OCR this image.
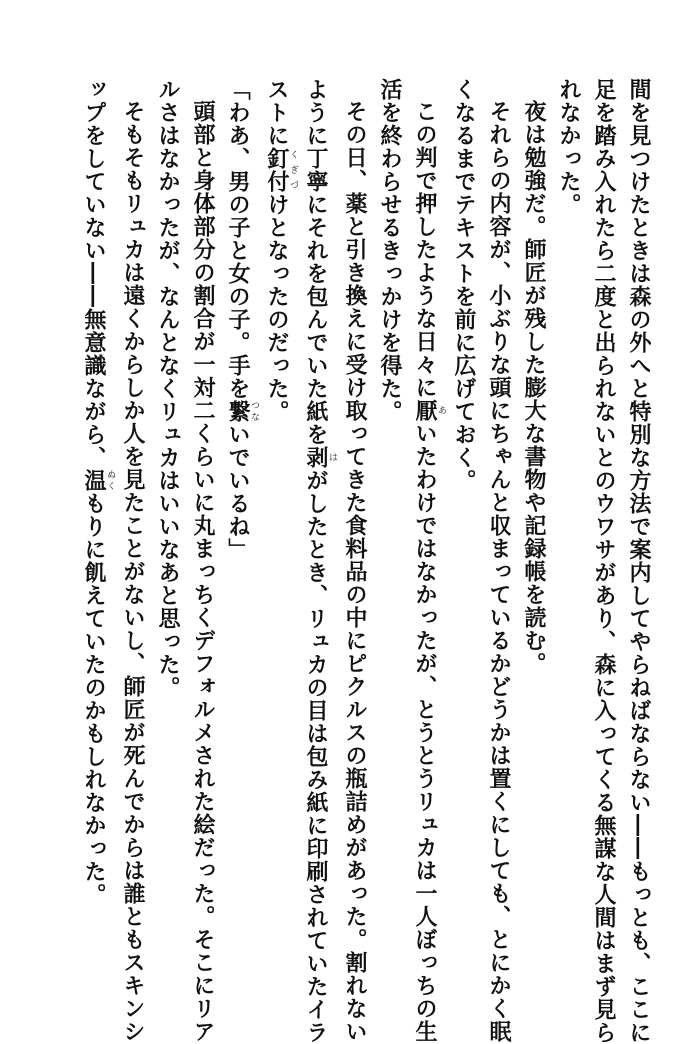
間を見つけたときは森の外へと特別な方法で案内してやらねばならない――もっとも、ここに

足を踏み入れたら二度と出られないとのウワサがあり、森に入ってくる無謀な人間はまず見ら

れなかった。

夜は勉強だ。師匠が残した膨大な書物や記録帳を読む。

それらの内容が、小ぶりな頭にちゃんと収まっているかどうかは置くにしても、とにかく眠

くなるまでテキストを前に広げておく。

この判で押したような日々に厭あいたわけではなかったが、とうとうリュカは一人ぼっちの生

活を終わらせるきっかけを得た。

その日、薬と引き換えに受け取ってきた食料品の中にピクルスの瓶詰めがあった。割れない

ように丁寧にそれを包んでいた紙を剥はがしたとき、リュカの目は包み紙に印刷されていたイラ

ストに釘付くぎづけとなったのだった。

「わあ、男の子と女の子。手を繋つないでいるね」

頭部と身体部分の割合が一対二くらいに丸まっちくデフォルメされた絵だった。そこにリア

ルさはなかったが、なんとなくリュカはいいなあと思った。

そもそもリュカは遠くからしか人を見たことがないし、師匠が死んでからは誰ともスキンシ

ップをしていない――無意識ながら、温ぬくもりに飢えていたのかもしれなかった。
